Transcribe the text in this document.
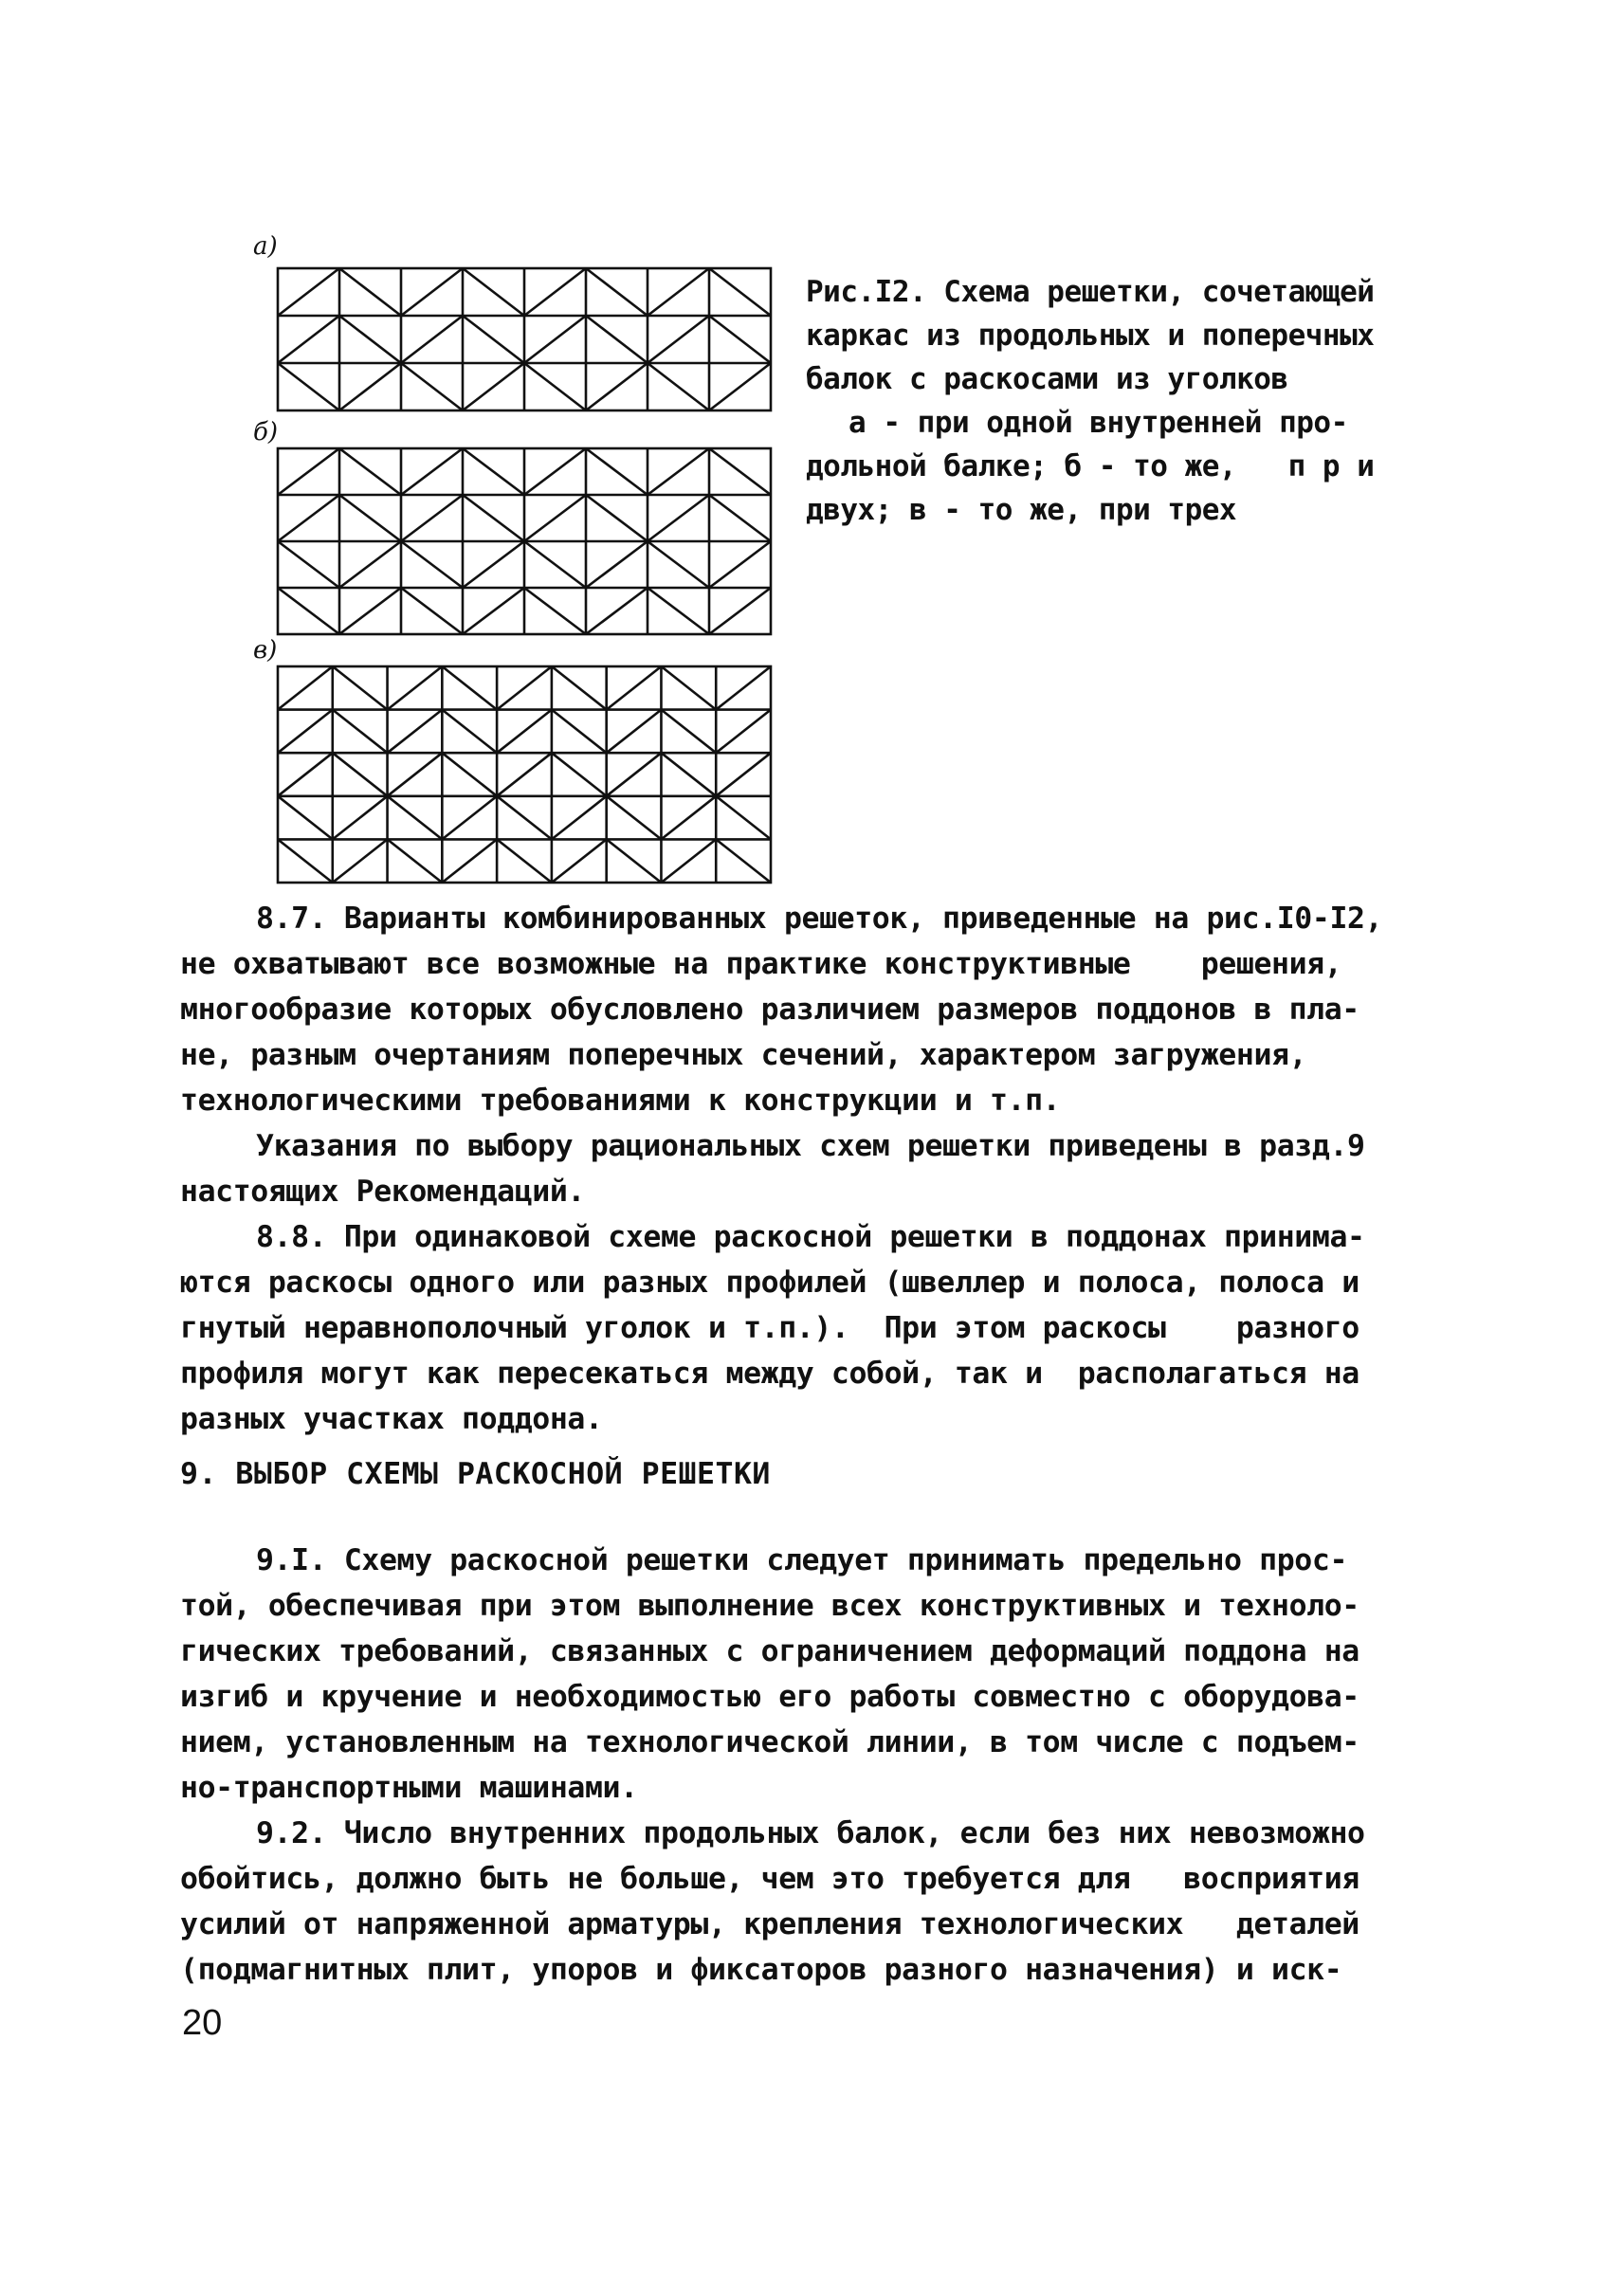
а)
б)
в)
Рис.I2. Схема решетки, сочетающей
каркас из продольных и поперечных
балок с раскосами из уголков
а - при одной внутренней про-
дольной балке; б - то же,   п р и
двух; в - то же, при трех
8.7. Варианты комбинированных решеток, приведенные на рис.I0-I2,
не охватывают все возможные на практике конструктивные    решения,
многообразие которых обусловлено различием размеров поддонов в пла-
не, разным очертаниям поперечных сечений, характером загружения,
технологическими требованиями к конструкции и т.п.
Указания по выбору рациональных схем решетки приведены в разд.9
настоящих Рекомендаций.
8.8. При одинаковой схеме раскосной решетки в поддонах принима-
ются раскосы одного или разных профилей (швеллер и полоса, полоса и
гнутый неравнополочный уголок и т.п.).  При этом раскосы    разного
профиля могут как пересекаться между собой, так и  располагаться на
разных участках поддона.
9. ВЫБОР СХЕМЫ РАСКОСНОЙ РЕШЕТКИ
9.I. Схему раскосной решетки следует принимать предельно прос-
той, обеспечивая при этом выполнение всех конструктивных и техноло-
гических требований, связанных с ограничением деформаций поддона на
изгиб и кручение и необходимостью его работы совместно с оборудова-
нием, установленным на технологической линии, в том числе с подъем-
но-транспортными машинами.
9.2. Число внутренних продольных балок, если без них невозможно
обойтись, должно быть не больше, чем это требуется для   восприятия
усилий от напряженной арматуры, крепления технологических   деталей
(подмагнитных плит, упоров и фиксаторов разного назначения) и иск-
20
